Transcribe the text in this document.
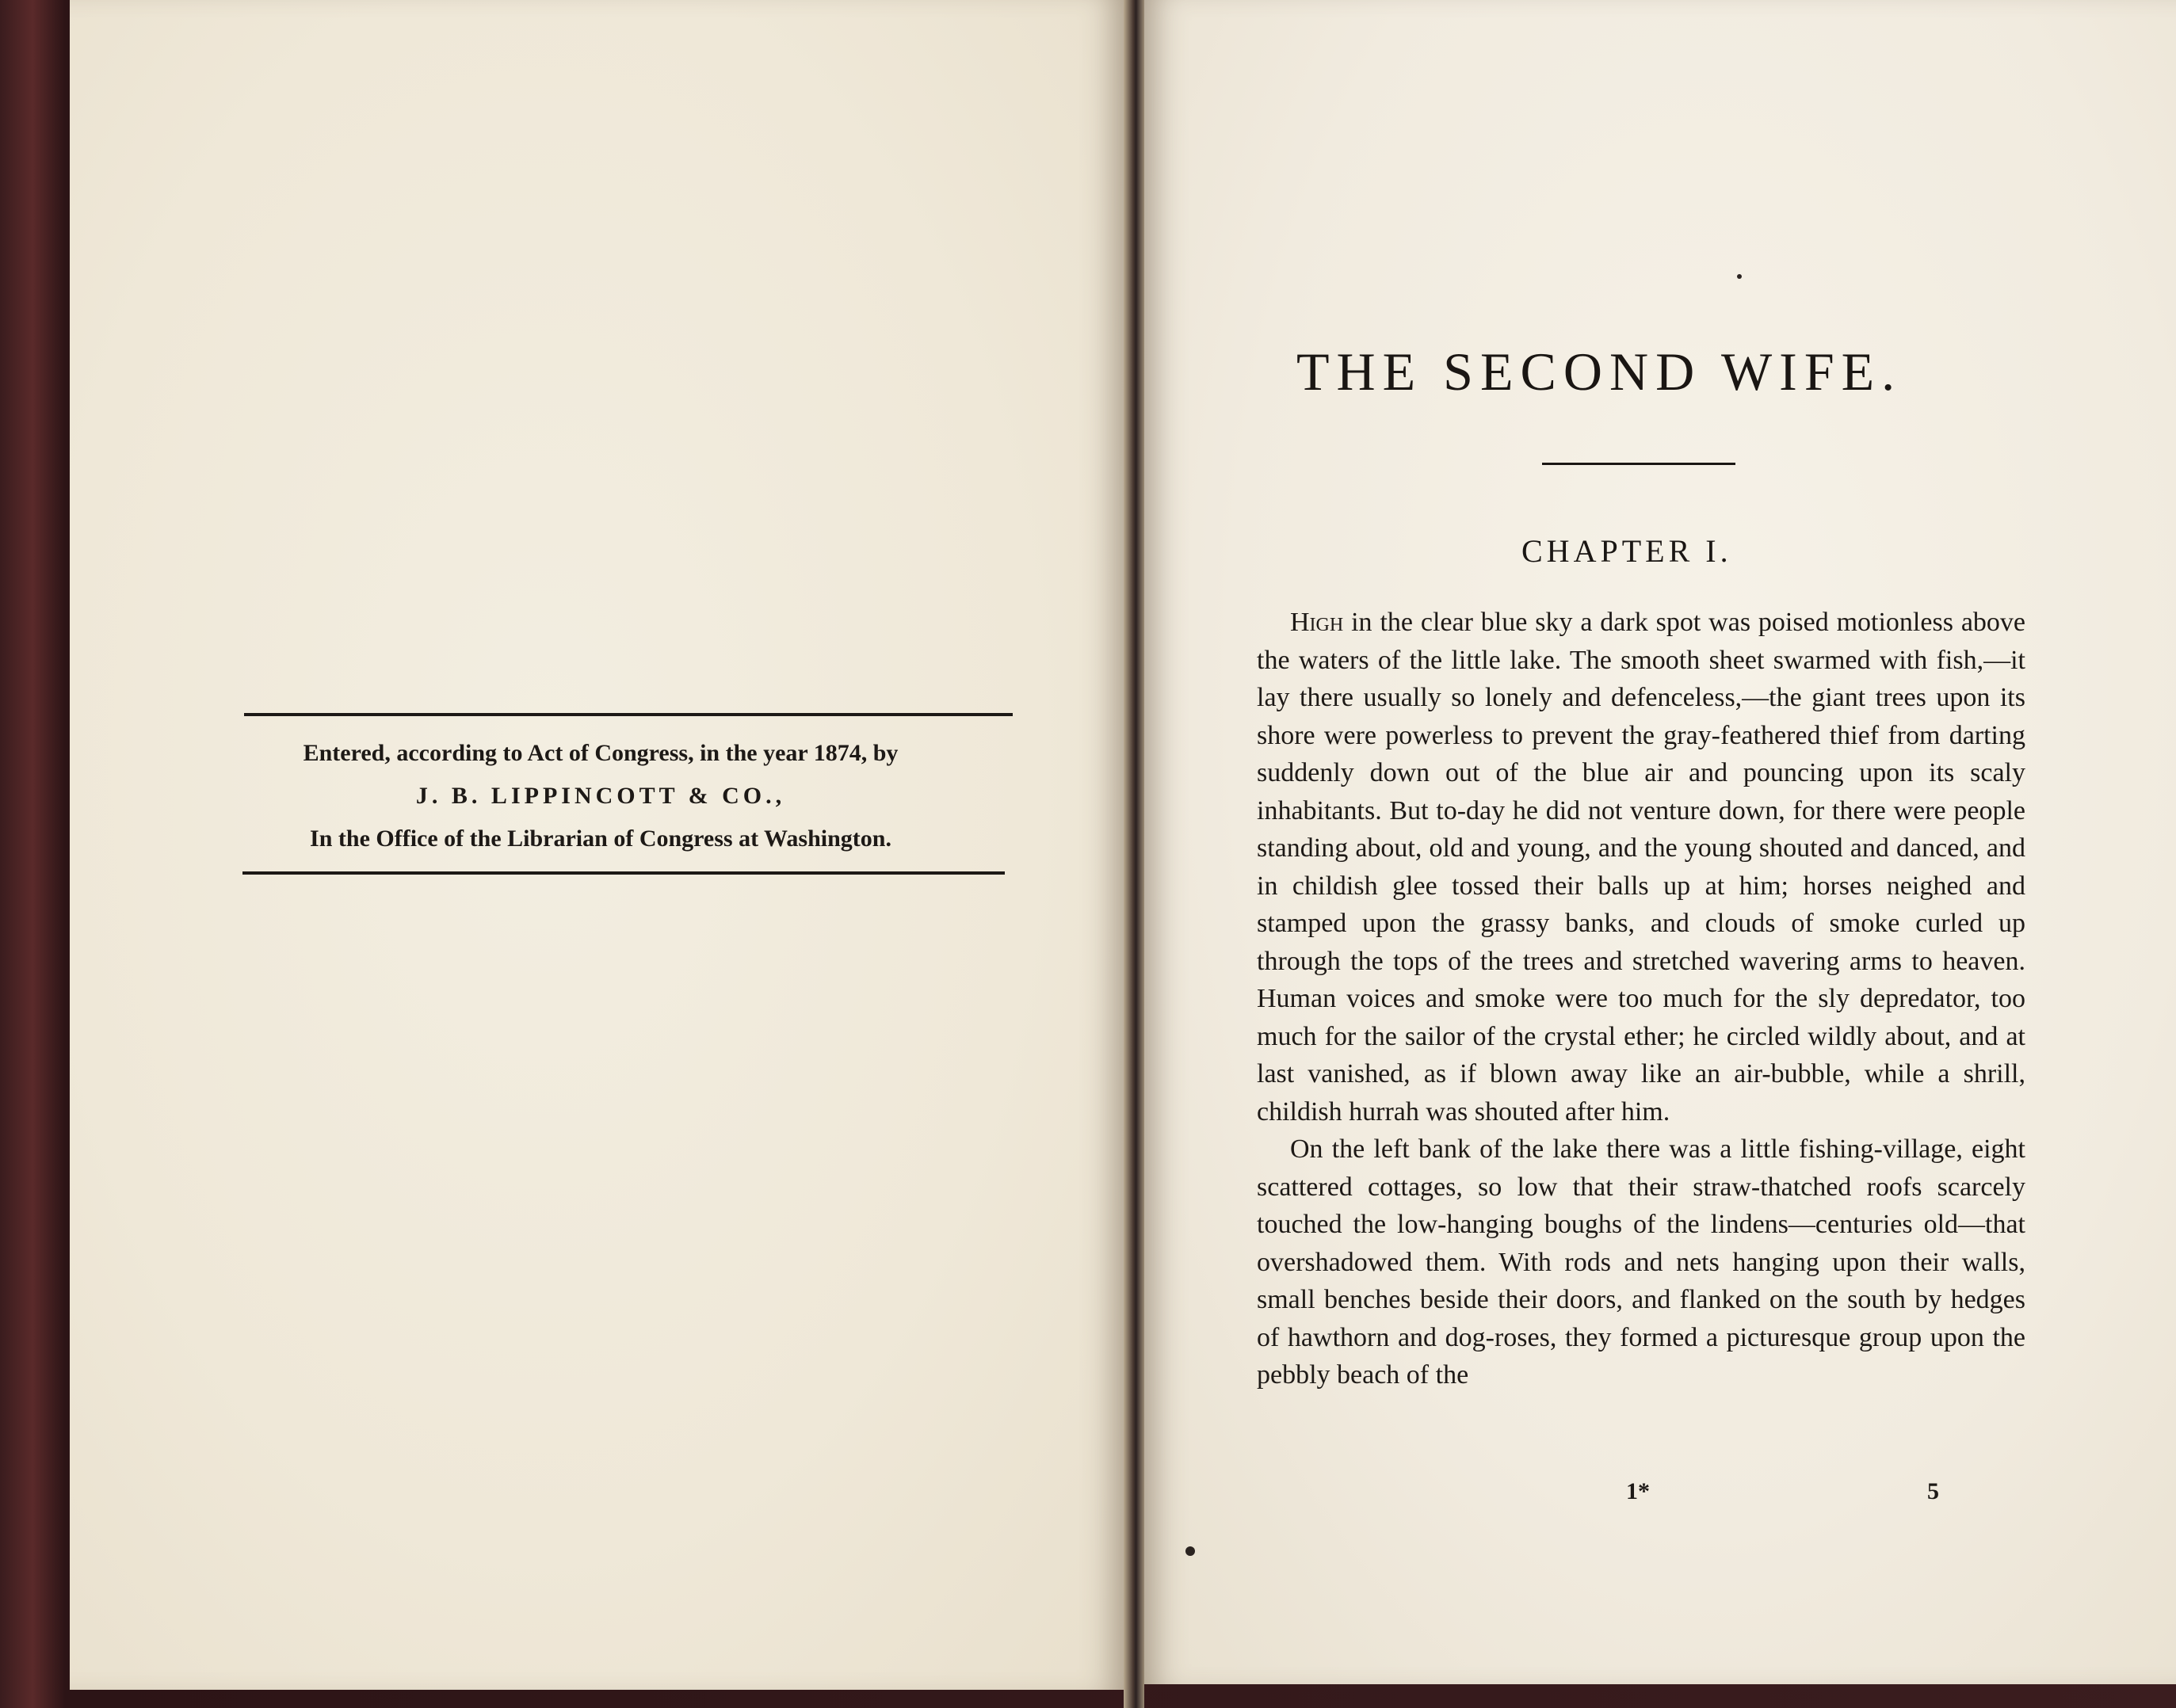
Entered, according to Act of Congress, in the year 1874, by
J. B. LIPPINCOTT & CO.,
In the Office of the Librarian of Congress at Washington.
THE SECOND WIFE.
CHAPTER I.

High in the clear blue sky a dark spot was poised motionless above the waters of the little lake. The smooth sheet swarmed with fish,—it lay there usually so lonely and defenceless,—the giant trees upon its shore were powerless to prevent the gray-feathered thief from darting suddenly down out of the blue air and pouncing upon its scaly inhabitants. But to-day he did not venture down, for there were people standing about, old and young, and the young shouted and danced, and in childish glee tossed their balls up at him; horses neighed and stamped upon the grassy banks, and clouds of smoke curled up through the tops of the trees and stretched wavering arms to heaven. Human voices and smoke were too much for the sly depredator, too much for the sailor of the crystal ether; he circled wildly about, and at last vanished, as if blown away like an air-bubble, while a shrill, childish hurrah was shouted after him.

On the left bank of the lake there was a little fishing-village, eight scattered cottages, so low that their straw-thatched roofs scarcely touched the low-hanging boughs of the lindens—centuries old—that overshadowed them. With rods and nets hanging upon their walls, small benches beside their doors, and flanked on the south by hedges of hawthorn and dog-roses, they formed a picturesque group upon the pebbly beach of the

1*	5
